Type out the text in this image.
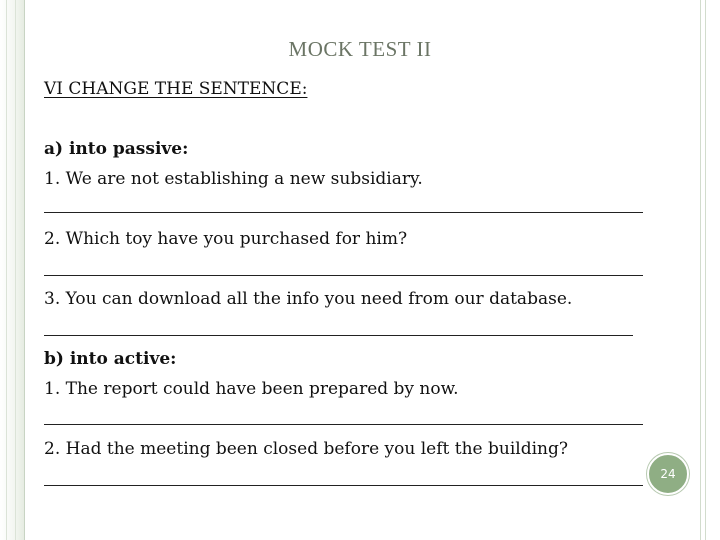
MOCK TEST II
VI CHANGE THE SENTENCE:
a) into passive:
1. We are not establishing a new subsidiary.
2. Which toy have you purchased for him?
3. You can download all the info you need from our database.
b) into active:
1. The report could have been prepared by now.
2. Had the meeting been closed before you left the building?
24
